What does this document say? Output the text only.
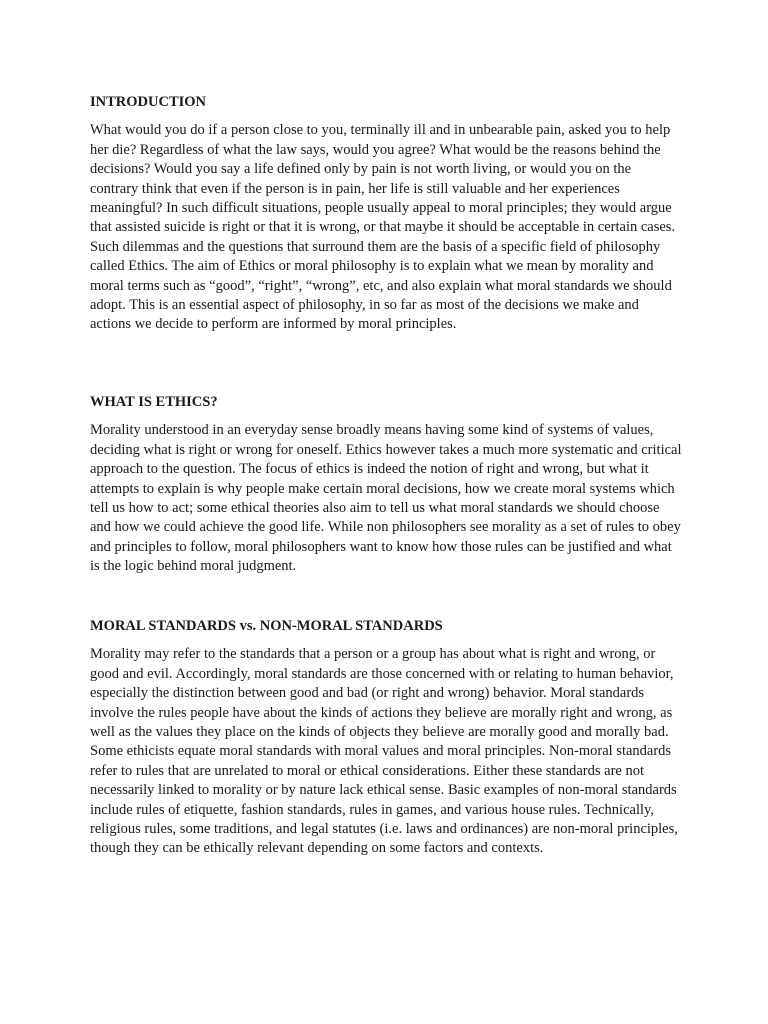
INTRODUCTION

What would you do if a person close to you, terminally ill and in unbearable pain, asked you to help her die? Regardless of what the law says, would you agree? What would be the reasons behind the decisions? Would you say a life defined only by pain is not worth living, or would you on the contrary think that even if the person is in pain, her life is still valuable and her experiences meaningful? In such difficult situations, people usually appeal to moral principles; they would argue that assisted suicide is right or that it is wrong, or that maybe it should be acceptable in certain cases. Such dilemmas and the questions that surround them are the basis of a specific field of philosophy called Ethics. The aim of Ethics or moral philosophy is to explain what we mean by morality and moral terms such as “good”, “right”, “wrong”, etc, and also explain what moral standards we should adopt. This is an essential aspect of philosophy, in so far as most of the decisions we make and actions we decide to perform are informed by moral principles.

WHAT IS ETHICS?

Morality understood in an everyday sense broadly means having some kind of systems of values, deciding what is right or wrong for oneself. Ethics however takes a much more systematic and critical approach to the question. The focus of ethics is indeed the notion of right and wrong, but what it attempts to explain is why people make certain moral decisions, how we create moral systems which tell us how to act; some ethical theories also aim to tell us what moral standards we should choose and how we could achieve the good life. While non philosophers see morality as a set of rules to obey and principles to follow, moral philosophers want to know how those rules can be justified and what is the logic behind moral judgment.

MORAL STANDARDS vs. NON-MORAL STANDARDS

Morality may refer to the standards that a person or a group has about what is right and wrong, or good and evil. Accordingly, moral standards are those concerned with or relating to human behavior, especially the distinction between good and bad (or right and wrong) behavior. Moral standards involve the rules people have about the kinds of actions they believe are morally right and wrong, as well as the values they place on the kinds of objects they believe are morally good and morally bad. Some ethicists equate moral standards with moral values and moral principles. Non-moral standards refer to rules that are unrelated to moral or ethical considerations. Either these standards are not necessarily linked to morality or by nature lack ethical sense. Basic examples of non-moral standards include rules of etiquette, fashion standards, rules in games, and various house rules. Technically, religious rules, some traditions, and legal statutes (i.e. laws and ordinances) are non-moral principles, though they can be ethically relevant depending on some factors and contexts.
